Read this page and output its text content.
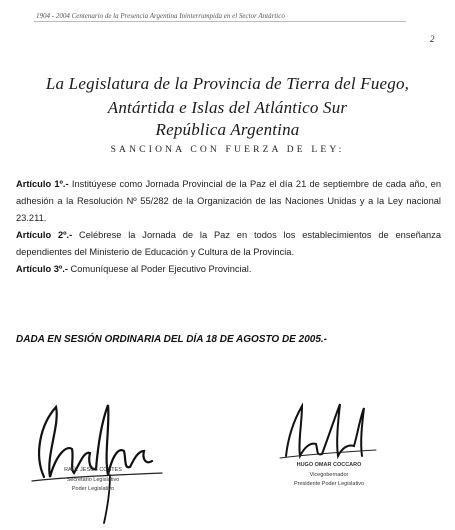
1904 - 2004 Centenario de la Presencia Argentina Ininterrumpida en el Sector Antártico
2
La Legislatura de la Provincia de Tierra del Fuego,
Antártida e Islas del Atlántico Sur
República Argentina
SANCIONA CON FUERZA DE LEY:
Artículo 1º.- Institúyese como Jornada Provincial de la Paz el día 21 de septiembre de cada año, en adhesión a la Resolución Nº 55/282 de la Organización de las Naciones Unidas y a la Ley nacional 23.211.
Artículo 2º.- Celébrese la Jornada de la Paz en todos los establecimientos de enseñanza dependientes del Ministerio de Educación y Cultura de la Provincia.
Artículo 3º.- Comuníquese al Poder Ejecutivo Provincial.
DADA EN SESIÓN ORDINARIA DEL DÍA 18 DE AGOSTO DE 2005.-
RAÚL JESÚS COSTES
Secretario Legislativo
Poder Legislativo
HUGO OMAR COCCARO
Vicegobernador
Presidente Poder Legislativo
